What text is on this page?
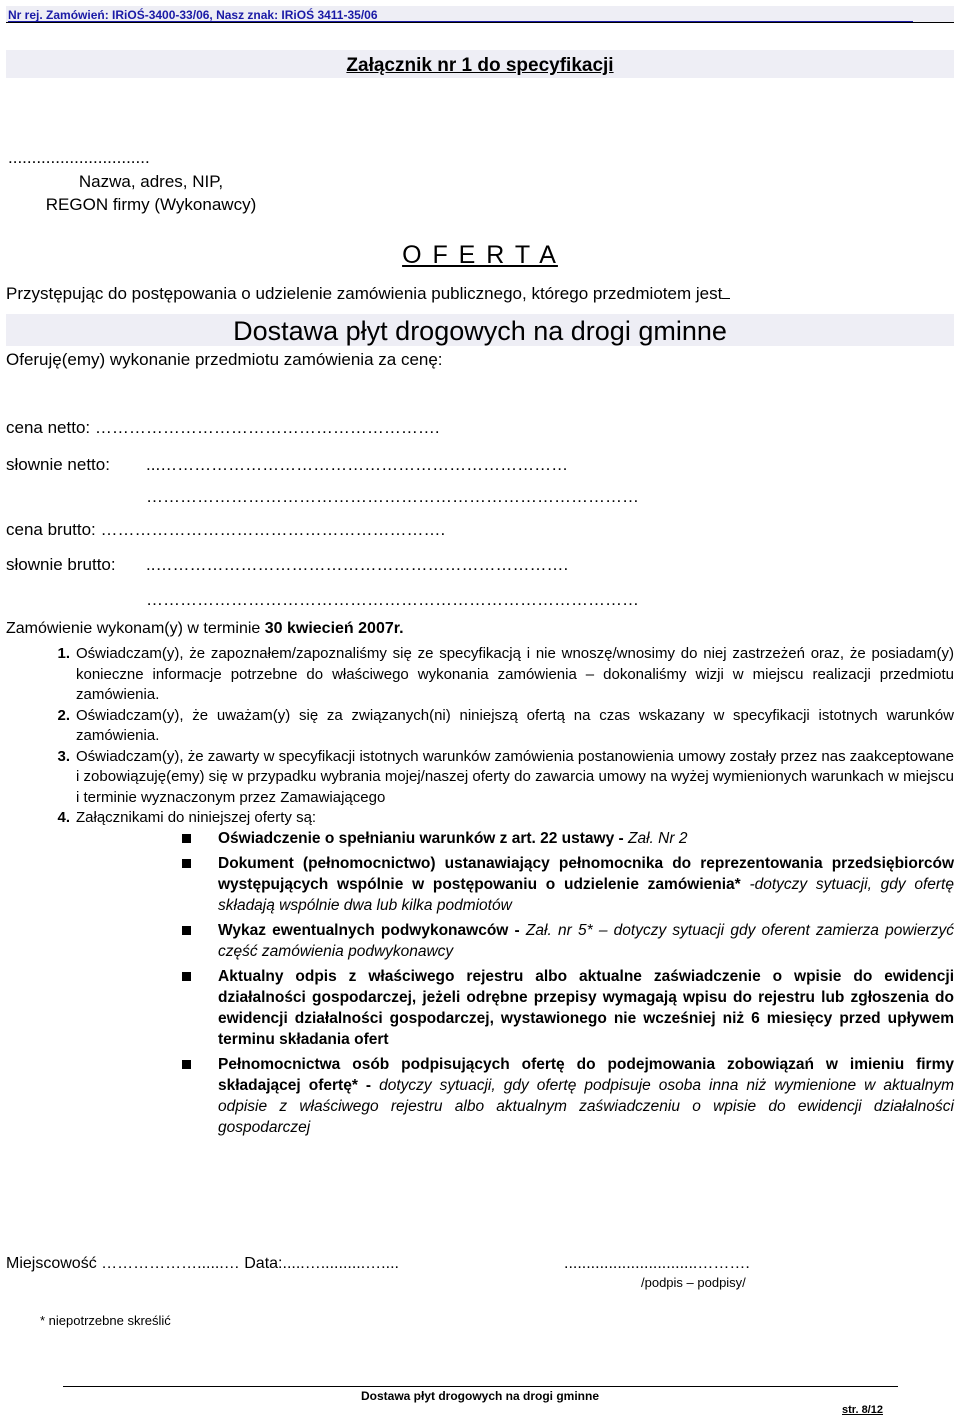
Nr rej. Zamówień: IRiOŚ-3400-33/06, Nasz znak: IRiOŚ 3411-35/06
Załącznik nr 1 do specyfikacji
..............................
Nazwa, adres, NIP,
REGON firmy (Wykonawcy)
O F E R T A
Przystępując do postępowania o udzielenie zamówienia publicznego, którego przedmiotem jest
Dostawa płyt drogowych na drogi gminne
Oferuję(emy) wykonanie przedmiotu zamówienia za cenę:
cena netto: …………………………………………………….
słownie netto: ...………………………………………………………………
……………………………………………………………………………
cena brutto: …………………………………………………….
słownie brutto: ..……………………………………………………………….
……………………………………………………………………………
Zamówienie wykonam(y) w terminie 30 kwiecień 2007r.
1. Oświadczam(y), że zapoznałem/zapoznaliśmy się ze specyfikacją i nie wnoszę/wnosimy do niej zastrzeżeń oraz, że posiadam(y) konieczne informacje potrzebne do właściwego wykonania zamówienia – dokonaliśmy wizji w miejscu realizacji przedmiotu zamówienia.
2. Oświadczam(y), że uważam(y) się za związanych(ni) niniejszą ofertą na czas wskazany w specyfikacji istotnych warunków zamówienia.
3. Oświadczam(y), że zawarty w specyfikacji istotnych warunków zamówienia postanowienia umowy zostały przez nas zaakceptowane i zobowiązuję(emy) się w przypadku wybrania mojej/naszej oferty do zawarcia umowy na wyżej wymienionych warunkach w miejscu i terminie wyznaczonym przez Zamawiającego
4. Załącznikami do niniejszej oferty są:
Oświadczenie o spełnianiu warunków z art. 22 ustawy - Zał. Nr 2
Dokument (pełnomocnictwo) ustanawiający pełnomocnika do reprezentowania przedsiębiorców występujących wspólnie w postępowaniu o udzielenie zamówienia* -dotyczy sytuacji, gdy ofertę składają wspólnie dwa lub kilka podmiotów
Wykaz ewentualnych podwykonawców - Zał. nr 5* – dotyczy sytuacji gdy oferent zamierza powierzyć część zamówienia podwykonawcy
Aktualny odpis z właściwego rejestru albo aktualne zaświadczenie o wpisie do ewidencji działalności gospodarczej, jeżeli odrębne przepisy wymagają wpisu do rejestru lub zgłoszenia do ewidencji działalności gospodarczej, wystawionego nie wcześniej niż 6 miesięcy przed upływem terminu składania ofert
Pełnomocnictwa osób podpisujących ofertę do podejmowania zobowiązań w imieniu firmy składającej ofertę* - dotyczy sytuacji, gdy ofertę podpisuje osoba inna niż wymienione w aktualnym odpisie z właściwego rejestru albo aktualnym zaświadczeniu o wpisie do ewidencji działalności gospodarczej
Miejscowość ………………......… Data:.....…..........…....	..............................……….
/podpis – podpisy/
* niepotrzebne skreślić
Dostawa płyt drogowych na drogi gminne
str. 8/12
